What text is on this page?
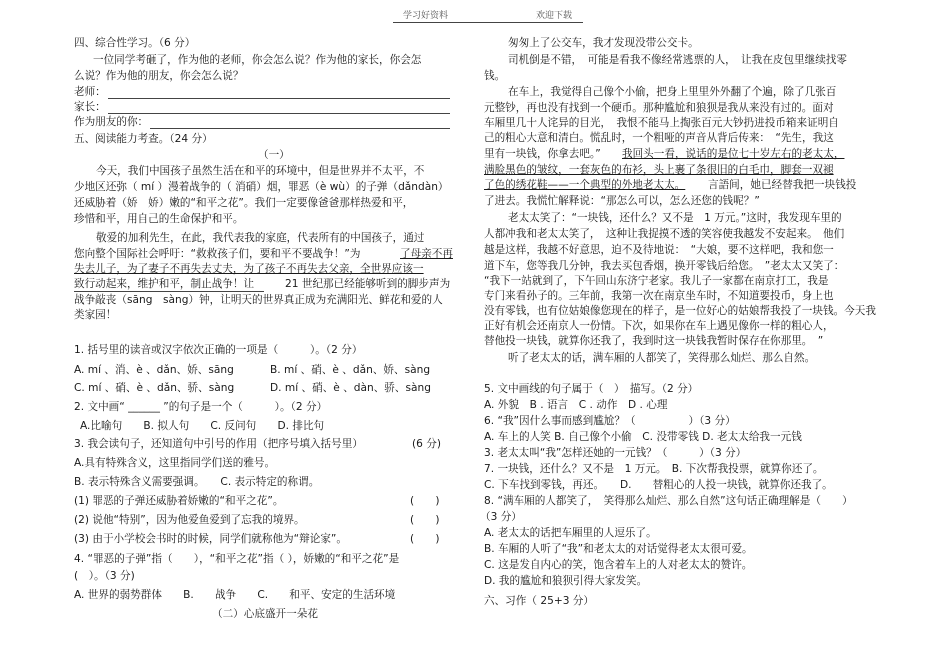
学习好资料	欢迎下载
四、综合性学习。（6 分）
一位同学考砸了，作为他的老师，你会怎么说？作为他的家长，你会怎
么说？作为他的朋友，你会怎么说？
老师：
家长：
作为朋友的你：
五、阅读能力考查。（24 分）
（一）
今天，我们中国孩子虽然生活在和平的环境中，但是世界并不太平，不
少地区还弥（ mí ）漫着战争的（ 消硝）烟，罪恶（è wù）的子弹（dǎndàn）
还威胁着（娇　娇）嫩的“和平之花”。我们一定要像爸爸那样热爱和平，
珍惜和平，用自己的生命保护和平。
敬爱的加利先生，在此，我代表我的家庭，代表所有的中国孩子，通过
您向整个国际社会呼吁：“救救孩子们，要和平不要战争！”为	了母亲不再
失去儿子，为了妻子不再失去丈夫，为了孩子不再失去父亲，全世界应该一
致行动起来，维护和平，制止战争！让	21 世纪那已经能够听到的脚步声为
战争敲丧（sāng　sàng）钟，让明天的世界真正成为充满阳光、鲜花和爱的人
类家园！
1. 括号里的读音或汉字依次正确的一项是（　　　）。（2 分）
A. mí 、消、è 、dǎn、娇、sāng	B. mí 、硝、è 、dǎn、娇、sàng
C. mí 、硝、è 、dǎn、骄、sàng	D. mí 、硝、è 、dàn、骄、sàng
2. 文中画“ ______ ”的句子是一个（　　　）。（2 分）
A.比喻句　　B. 拟人句　　C. 反问句　　D. 排比句
3. 我会读句子，还知道句中引号的作用（把序号填入括号里）	(6 分)
A.具有特殊含义，这里指同学们送的雅号。
B. 表示特殊含义需要强调。　　C. 表示特定的称谓。
(1) 罪恶的子弹还威胁着娇嫩的“和平之花”。	(　　)
(2) 说他“特别”，因为他爱鱼爱到了忘我的境界。	(　　)
(3) 由于小学校会书时的时候，同学们就称他为“辩论家”。	(　　)
4. “罪恶的子弹”指（　　），“和平之花”指（ ），娇嫩的“和平之花”是
(　）。（3 分)
A. 世界的弱势群体　　B.　　战争　　C.　　和平、安定的生活环境
（二）心底盛开一朵花
匆匆上了公交车，我才发现没带公交卡。
司机倒是不错，　可能是看我不像经常逃票的人，　让我在皮包里继续找零
钱。
在车上，我觉得自己像个小偷，把身上里里外外翻了个遍，除了几张百
元整钞，再也没有找到一个硬币。那种尴尬和狼狈是我从来没有过的。面对
车厢里几十人诧异的目光，　我恨不能马上掏张百元大钞扔进投币箱来证明自
己的粗心大意和清白。慌乱时，一个粗哑的声音从背后传来：　“先生，我这
里有一块钱，你拿去吧。” 我回头一看，说话的是位七十岁左右的老太太，
满脸黑色的皱纹，一套灰色的布衫，头上裹了条很旧的白毛巾，脚套一双褪
了色的绣花鞋——一个典型的外地老太太。 言語间，她已经替我把一块钱投
了进去。我慌忙解释说：“那怎么可以，怎么还您的钱呢？”
老太太笑了：“一块钱，还什么？又不是　1 万元。”这时，我发现车里的
人都冲我和老太太笑了，　这种让我捉摸不透的笑容使我越发不安起来。　他们
越是这样，我越不好意思，迫不及待地说：　“大娘，要不这样吧，我和您一
道下车，您等我几分钟，我去买包香烟，换开零钱后给您。　”老太太又笑了：
“我下一站就到了，下午回山东济宁老家。我儿子一家都在南京打工，我是
专门来看孙子的。三年前，我第一次在南京坐车时，不知道要投币，身上也
没有零钱，也有位姑娘像您现在的样子，是一位好心的姑娘帮我投了一块钱。今天我
正好有机会还南京人一份情。下次，如果你在车上遇见像你一样的粗心人，
替他投一块钱，就算你还我了，我到时这一块钱我暂时保存在你那里。　”
听了老太太的话，满车厢的人都笑了，笑得那么灿烂、那么自然。
5. 文中画线的句子属于（　）　描写。（2 分）
A. 外貌　B . 语言　C . 动作　D . 心理
6. “我”因什么事而感到尴尬？（　　　　　）（3 分）
A. 车上的人笑 B. 自己像个小偷　C. 没带零钱 D. 老太太给我一元钱
3. 老太太叫“我”怎样还她的一元钱？（　　　）（3 分）
7. 一块钱，还什么？又不是　1 万元。　B. 下次帮我投票，就算你还了。
C. 下车找到零钱，再还。　　D.　　替粗心的人投一块钱，就算你还我了。
8. “满车厢的人都笑了，　笑得那么灿烂、那么自然”这句话正确理解是（　　）
（3 分）
A. 老太太的话把车厢里的人逗乐了。
B. 车厢的人听了“我”和老太太的对话觉得老太太很可爱。
C. 这是发自内心的笑，饱含着车上的人对老太太的赞许。
D. 我的尴尬和狼狈引得大家发笑。
六、习作（ 25+3 分）
